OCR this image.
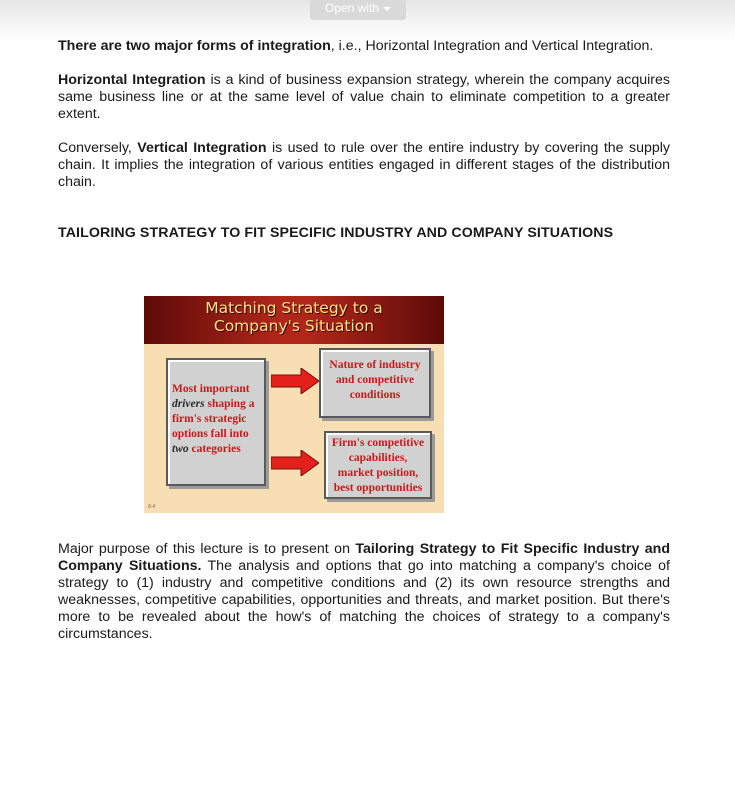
Open with

There are two major forms of integration, i.e., Horizontal Integration and Vertical Integration.

Horizontal Integration is a kind of business expansion strategy, wherein the company acquires same business line or at the same level of value chain to eliminate competition to a greater extent.

Conversely, Vertical Integration is used to rule over the entire industry by covering the supply chain. It implies the integration of various entities engaged in different stages of the distribution chain.

TAILORING STRATEGY TO FIT SPECIFIC INDUSTRY AND COMPANY SITUATIONS
Matching Strategy to a
Company's Situation
Most important
drivers shaping a
firm's strategic
options fall into
two categories
Nature of industry
and competitive
conditions
Firm's competitive
capabilities,
market position,
best opportunities
8-4

Major purpose of this lecture is to present on Tailoring Strategy to Fit Specific Industry and Company Situations. The analysis and options that go into matching a company's choice of strategy to (1) industry and competitive conditions and (2) its own resource strengths and weaknesses, competitive capabilities, opportunities and threats, and market position. But there's more to be revealed about the how's of matching the choices of strategy to a company's circumstances.
